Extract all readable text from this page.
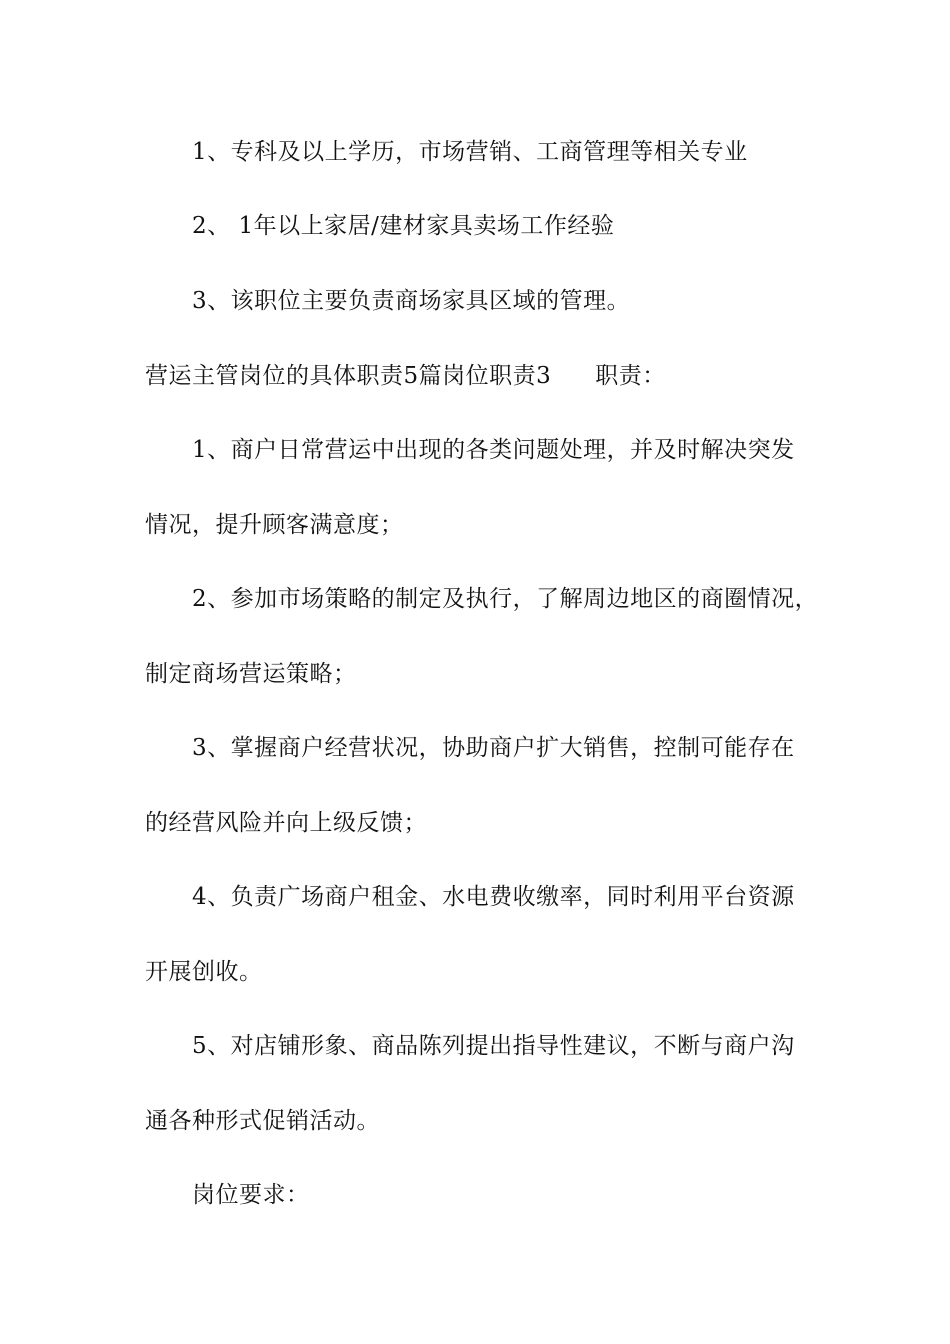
1、专科及以上学历，市场营销、工商管理等相关专业
2、 1年以上家居/建材家具卖场工作经验
3、该职位主要负责商场家具区域的管理。
营运主管岗位的具体职责5篇岗位职责3 职责：
1、商户日常营运中出现的各类问题处理，并及时解决突发
情况，提升顾客满意度；
2、参加市场策略的制定及执行，了解周边地区的商圈情况，
制定商场营运策略；
3、掌握商户经营状况，协助商户扩大销售，控制可能存在
的经营风险并向上级反馈；
4、负责广场商户租金、水电费收缴率，同时利用平台资源
开展创收。
5、对店铺形象、商品陈列提出指导性建议，不断与商户沟
通各种形式促销活动。
岗位要求：
